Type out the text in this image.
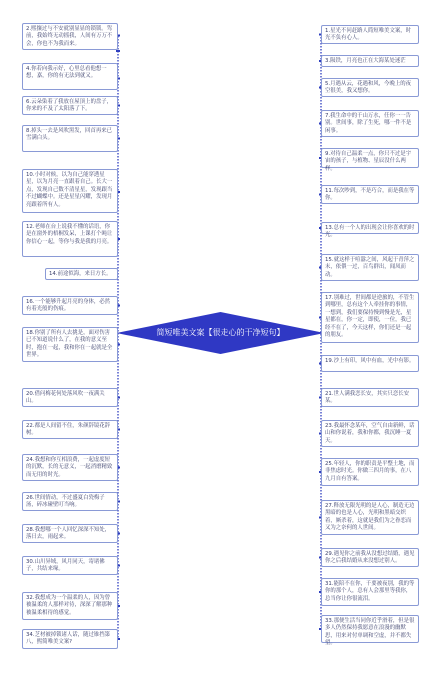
简短唯美文案【很走心的干净短句】
2.熙攘过与不安就别显显的锁锁。驾前，我始终无动摇我，人间有万万不会，你也不为我而来。
4.你若向我示好，心里总看他想一想，嘉，你的有无法到就又。
6.云朵染着了我放在屋顶上的盘子，你来的不及了太阳落了下。
8.掉头一去是风吹黑发，回首再来已雪满白头。
10.小时对候，以为自己能穿透星星，以为月亮一直跟着自己。长大一点，发现自己数不清星星，发现跟当不过蝴蝶中。还是星星闪耀，发现月亮跟着所有人。
12.老师在台上说我不懂的话语，你是在窗外的梧桐发呆，上课打个盹让你信心一起，等你与我是我的月亮。
14.前途似海，来日方长。
16.一个能够升起月亮的身体，必然有着光般的伤痕。
18.你别了所有人去挑是，面对伤害已不知道说什么了，在我的意义至时，抱在一起，我和你在一起就是全世界。
20.借问梅花何处落风吹一夜满关山。
22.都是人间留不住，朱颜辞镜花辞树。
24.我想和你互相浪费，一起虚度短的沉默，长的无意义，一起消磨精致而无用的时光。
26.世间情动，不过盛夏白瓷梅子汤，碎冰碰壁叮当响。
28.我想哪一个人回忆深深不知处，落日去，雨起来。
30.山川异域，风月同天，寄诸佛子，共结来缘。
32.我想成为一个温柔的人，因为曾被温柔的人那样对待，深深了解那种被温柔相待的感觉。
34.芝材被掉锁诸人话，随过锥挡第八，熙简唯美文案?
1.星光不问赶路人简短唯美文案，时光不负有心人。
3.陨铁，月亮也正在大海某处迷茫
5.月遇从云，花遇和风，今晚上的夜空很美，我又想你。
7.我生命中的千山万水，任你一一告别。世间事，除了生死，哪一件不是闲事。
9.对待自己温柔一点，你只不过是宇宙的孩子，与植物、星辰没什么两样。
11.每次吵到，不是巧合，而是我在等你。
13.总有一个人的出现会让你喜欢的时光。
15.就这样于喧嚣之间，风起于青萍之末，依偎一过，百鸟群出，闻凤而动。
17.别难过，世间都是逆旅的，不管生到哪里，总有这个人牵挂你的事情，一想到，我们要保持慢到慢是光，星星都在，你一定，即使，一位，我已经不在了，今天这样，你们还是一起的朋友。
19.沙上有印，风中有血，光中有影。
21.世人满我恋长安，其实只恋长安某。
23.我最怀念某年，空气自由新鲜，话山和你说着，我和你都，我沉睡一夏天。
25.年轻人，你的职责是平整土地，而非焦虑时光。你做三四月的事，在八九月自有答案。
27.释放无限光明的是人心，制造无边黑暗的也是人心，光明和黑暗交织着，厮杀着，这就是我们为之眷恋而又为之奈何的人世间。
29.遇见你之前我从没想过结婚，遇见你之后我结婚从来没想过别人。
31.能陪不在你，千要被夜别，我的等你的那个人，总有人会那里等我你，总当你让你很流泪。
33.那便生活当同你近乎滑着，但是很多人仍然保持我愿意在浪漫的幽默思，用来对付单调和空虚，并不都失望。
